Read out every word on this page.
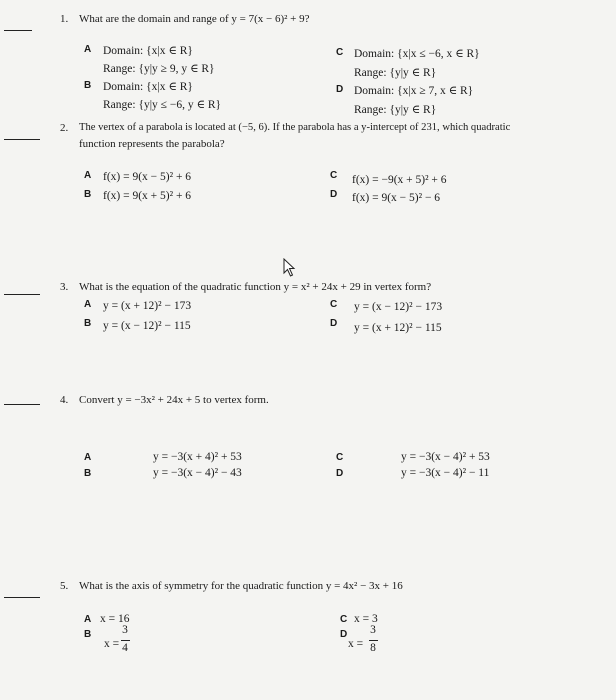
1. What are the domain and range of y = 7(x − 6)² + 9?
A Domain: {x|x ∈ R}
Range: {y|y ≥ 9, y ∈ R}
B Domain: {x|x ∈ R}
Range: {y|y ≤ −6, y ∈ R}
C Domain: {x|x ≤ −6, x ∈ R}
Range: {y|y ∈ R}
D Domain: {x|x ≥ 7, x ∈ R}
Range: {y|y ∈ R}
2. The vertex of a parabola is located at (−5, 6). If the parabola has a y-intercept of 231, which quadratic
function represents the parabola?
A f(x) = 9(x − 5)² + 6
B f(x) = 9(x + 5)² + 6
C f(x) = −9(x + 5)² + 6
D f(x) = 9(x − 5)² − 6
3. What is the equation of the quadratic function y = x² + 24x + 29 in vertex form?
A y = (x + 12)² − 173
B y = (x − 12)² − 115
C y = (x − 12)² − 173
D y = (x + 12)² − 115
4. Convert y = −3x² + 24x + 5 to vertex form.
A	y = −3(x + 4)² + 53
B	y = −3(x − 4)² − 43
C	y = −3(x − 4)² + 53
D	y = −3(x − 4)² − 11
5. What is the axis of symmetry for the quadratic function y = 4x² − 3x + 16
A x = 16
B
x =
3
4
C x = 3
D
x =
3
8
